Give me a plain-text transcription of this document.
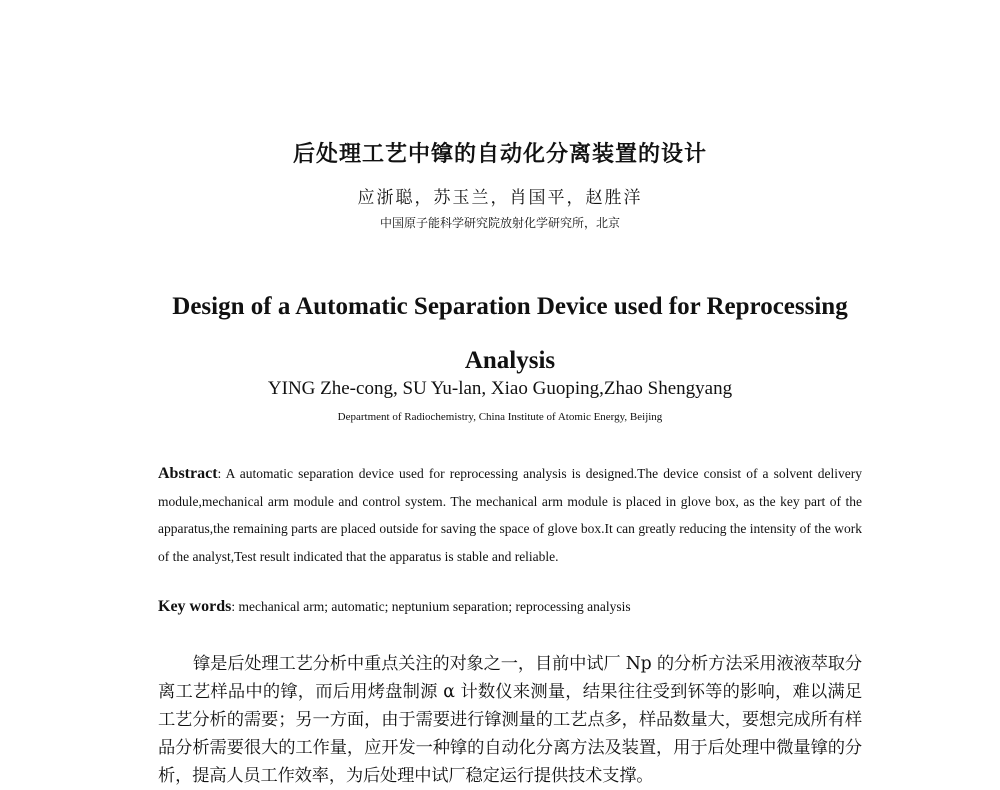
后处理工艺中镎的自动化分离装置的设计
应浙聪，苏玉兰，肖国平，赵胜洋
中国原子能科学研究院放射化学研究所，北京
Design of a Automatic Separation Device used for Reprocessing Analysis
YING Zhe-cong, SU Yu-lan, Xiao Guoping,Zhao Shengyang
Department of Radiochemistry, China Institute of Atomic Energy, Beijing
Abstract: A automatic separation device used for reprocessing analysis is designed.The device consist of a solvent delivery module,mechanical arm module and control system. The mechanical arm module is placed in glove box, as the key part of the apparatus,the remaining parts are placed outside for saving the space of glove box.It can greatly reducing the intensity of the work of the analyst,Test result indicated that the apparatus is stable and reliable.
Key words: mechanical arm; automatic; neptunium separation; reprocessing analysis
镎是后处理工艺分析中重点关注的对象之一，目前中试厂 Np 的分析方法采用液液萃取分离工艺样品中的镎，而后用烤盘制源 α 计数仪来测量，结果往往受到钚等的影响，难以满足工艺分析的需要；另一方面，由于需要进行镎测量的工艺点多，样品数量大，要想完成所有样品分析需要很大的工作量，应开发一种镎的自动化分离方法及装置，用于后处理中微量镎的分析，提高人员工作效率，为后处理中试厂稳定运行提供技术支撑。
